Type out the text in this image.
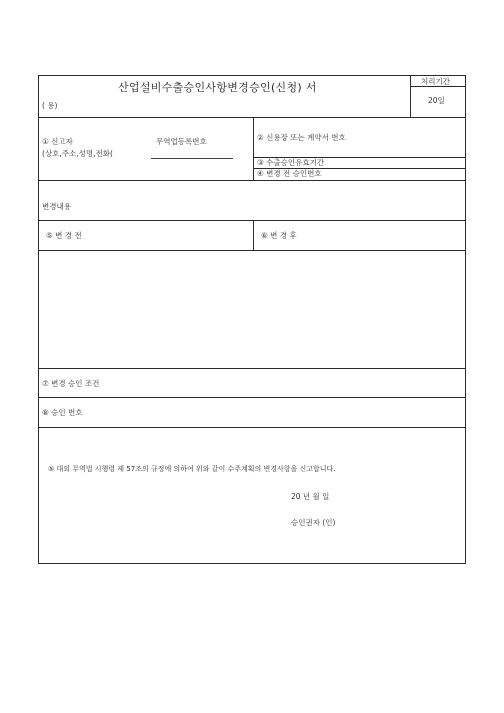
산업설비수출승인사항변경승인(신청) 서
( 용)
처리기간
20일
① 신고자
(상호,주소,성명,전화(
무역업등록번호	② 신용장 또는 계약서 번호
③ 수출승인유효기간
④ 변경 전 승인번호
변경내용
⑤ 변 경 전	⑥ 변 경 후
⑦ 변경 승인 조건
⑧ 승인 번호
⑤ 대외 무역법 시행령 제 57조의 규정에 의하여 위와 같이 수주계획의 변경사항을 신고합니다.
20 년 월 일
승인권자 (인)
